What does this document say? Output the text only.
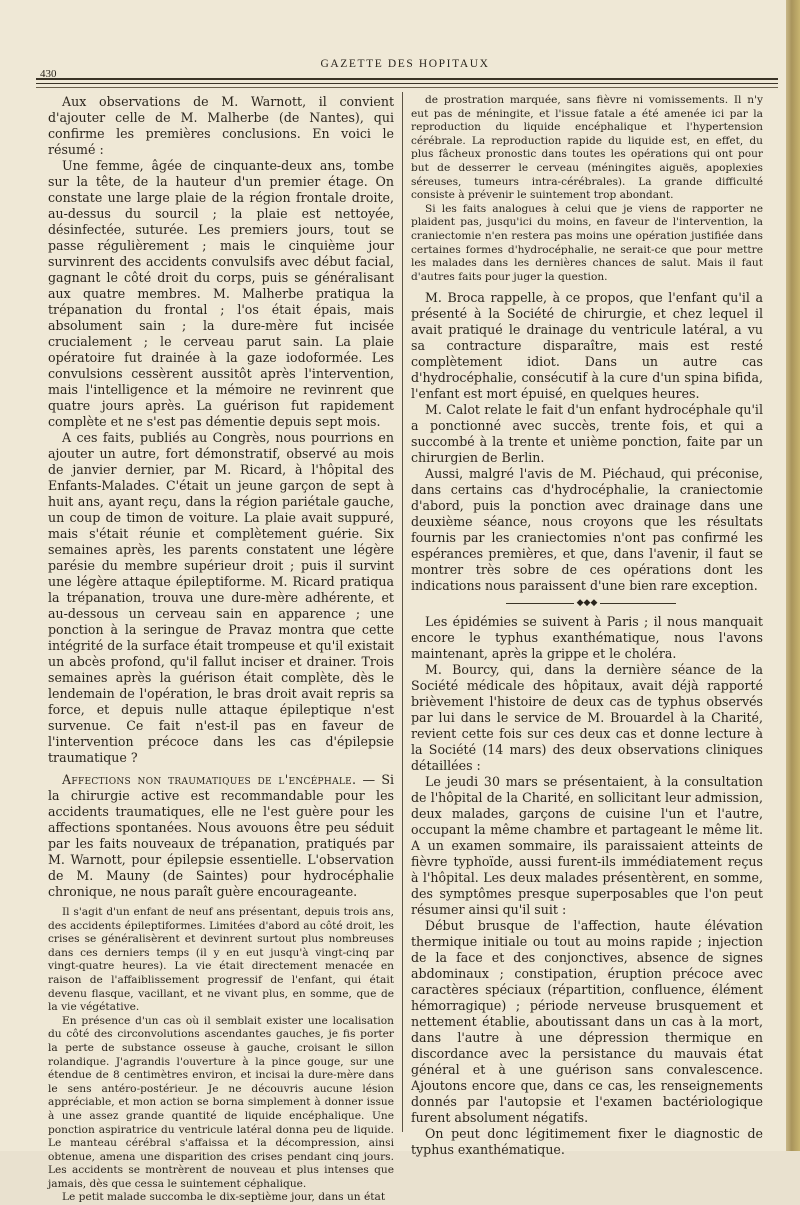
430
GAZETTE DES HOPITAUX

Aux observations de M. Warnott, il convient d'ajouter celle de M. Malherbe (de Nantes), qui confirme les premières conclusions. En voici le résumé :

Une femme, âgée de cinquante-deux ans, tombe sur la tête, de la hauteur d'un premier étage. On constate une large plaie de la région frontale droite, au-dessus du sourcil ; la plaie est nettoyée, désinfectée, suturée. Les premiers jours, tout se passe régulièrement ; mais le cinquième jour survinrent des accidents convulsifs avec début facial, gagnant le côté droit du corps, puis se généralisant aux quatre membres. M. Malherbe pratiqua la trépanation du frontal ; l'os était épais, mais absolument sain ; la dure-mère fut incisée crucialement ; le cerveau parut sain. La plaie opératoire fut drainée à la gaze iodoformée. Les convulsions cessèrent aussitôt après l'intervention, mais l'intelligence et la mémoire ne revinrent que quatre jours après. La guérison fut rapidement complète et ne s'est pas démentie depuis sept mois.

A ces faits, publiés au Congrès, nous pourrions en ajouter un autre, fort démonstratif, observé au mois de janvier dernier, par M. Ricard, à l'hôpital des Enfants-Malades. C'était un jeune garçon de sept à huit ans, ayant reçu, dans la région pariétale gauche, un coup de timon de voiture. La plaie avait suppuré, mais s'était réunie et complètement guérie. Six semaines après, les parents constatent une légère parésie du membre supérieur droit ; puis il survint une légère attaque épileptiforme. M. Ricard pratiqua la trépanation, trouva une dure-mère adhérente, et au-dessous un cerveau sain en apparence ; une ponction à la seringue de Pravaz montra que cette intégrité de la surface était trompeuse et qu'il existait un abcès profond, qu'il fallut inciser et drainer. Trois semaines après la guérison était complète, dès le lendemain de l'opération, le bras droit avait repris sa force, et depuis nulle attaque épileptique n'est survenue. Ce fait n'est-il pas en faveur de l'intervention précoce dans les cas d'épilepsie traumatique ?

Affections non traumatiques de l'encéphale. — Si la chirurgie active est recommandable pour les accidents traumatiques, elle ne l'est guère pour les affections spontanées. Nous avouons être peu séduit par les faits nouveaux de trépanation, pratiqués par M. Warnott, pour épilepsie essentielle. L'observation de M. Mauny (de Saintes) pour hydrocéphalie chronique, ne nous paraît guère encourageante.

Il s'agit d'un enfant de neuf ans présentant, depuis trois ans, des accidents épileptiformes. Limitées d'abord au côté droit, les crises se généralisèrent et devinrent surtout plus nombreuses dans ces derniers temps (il y en eut jusqu'à vingt-cinq par vingt-quatre heures). La vie était directement menacée en raison de l'affaiblissement progressif de l'enfant, qui était devenu flasque, vacillant, et ne vivant plus, en somme, que de la vie végétative.

En présence d'un cas où il semblait exister une localisation du côté des circonvolutions ascendantes gauches, je fis porter la perte de substance osseuse à gauche, croisant le sillon rolandique. J'agrandis l'ouverture à la pince gouge, sur une étendue de 8 centimètres environ, et incisai la dure-mère dans le sens antéro-postérieur. Je ne découvris aucune lésion appréciable, et mon action se borna simplement à donner issue à une assez grande quantité de liquide encéphalique. Une ponction aspiratrice du ventricule latéral donna peu de liquide. Le manteau cérébral s'affaissa et la décompression, ainsi obtenue, amena une disparition des crises pendant cinq jours. Les accidents se montrèrent de nouveau et plus intenses que jamais, dès que cessa le suintement céphalique.

Le petit malade succomba le dix-septième jour, dans un état

de prostration marquée, sans fièvre ni vomissements. Il n'y eut pas de méningite, et l'issue fatale a été amenée ici par la reproduction du liquide encéphalique et l'hypertension cérébrale. La reproduction rapide du liquide est, en effet, du plus fâcheux pronostic dans toutes les opérations qui ont pour but de desserrer le cerveau (méningites aiguës, apoplexies séreuses, tumeurs intra-cérébrales). La grande difficulté consiste à prévenir le suintement trop abondant.

Si les faits analogues à celui que je viens de rapporter ne plaident pas, jusqu'ici du moins, en faveur de l'intervention, la craniectomie n'en restera pas moins une opération justifiée dans certaines formes d'hydrocéphalie, ne serait-ce que pour mettre les malades dans les dernières chances de salut. Mais il faut d'autres faits pour juger la question.

M. Broca rappelle, à ce propos, que l'enfant qu'il a présenté à la Société de chirurgie, et chez lequel il avait pratiqué le drainage du ventricule latéral, a vu sa contracture disparaître, mais est resté complètement idiot. Dans un autre cas d'hydrocéphalie, consécutif à la cure d'un spina bifida, l'enfant est mort épuisé, en quelques heures.

M. Calot relate le fait d'un enfant hydrocéphale qu'il a ponctionné avec succès, trente fois, et qui a succombé à la trente et unième ponction, faite par un chirurgien de Berlin.

Aussi, malgré l'avis de M. Piéchaud, qui préconise, dans certains cas d'hydrocéphalie, la craniectomie d'abord, puis la ponction avec drainage dans une deuxième séance, nous croyons que les résultats fournis par les craniectomies n'ont pas confirmé les espérances premières, et que, dans l'avenir, il faut se montrer très sobre de ces opérations dont les indications nous paraissent d'une bien rare exception.

◆◆◆

Les épidémies se suivent à Paris ; il nous manquait encore le typhus exanthématique, nous l'avons maintenant, après la grippe et le choléra.

M. Bourcy, qui, dans la dernière séance de la Société médicale des hôpitaux, avait déjà rapporté brièvement l'histoire de deux cas de typhus observés par lui dans le service de M. Brouardel à la Charité, revient cette fois sur ces deux cas et donne lecture à la Société (14 mars) des deux observations cliniques détaillées :

Le jeudi 30 mars se présentaient, à la consultation de l'hôpital de la Charité, en sollicitant leur admission, deux malades, garçons de cuisine l'un et l'autre, occupant la même chambre et partageant le même lit. A un examen sommaire, ils paraissaient atteints de fièvre typhoïde, aussi furent-ils immédiatement reçus à l'hôpital. Les deux malades présentèrent, en somme, des symptômes presque superposables que l'on peut résumer ainsi qu'il suit :

Début brusque de l'affection, haute élévation thermique initiale ou tout au moins rapide ; injection de la face et des conjonctives, absence de signes abdominaux ; constipation, éruption précoce avec caractères spéciaux (répartition, confluence, élément hémorragique) ; période nerveuse brusquement et nettement établie, aboutissant dans un cas à la mort, dans l'autre à une dépression thermique en discordance avec la persistance du mauvais état général et à une guérison sans convalescence. Ajoutons encore que, dans ce cas, les renseignements donnés par l'autopsie et l'examen bactériologique furent absolument négatifs.

On peut donc légitimement fixer le diagnostic de typhus exanthématique.
